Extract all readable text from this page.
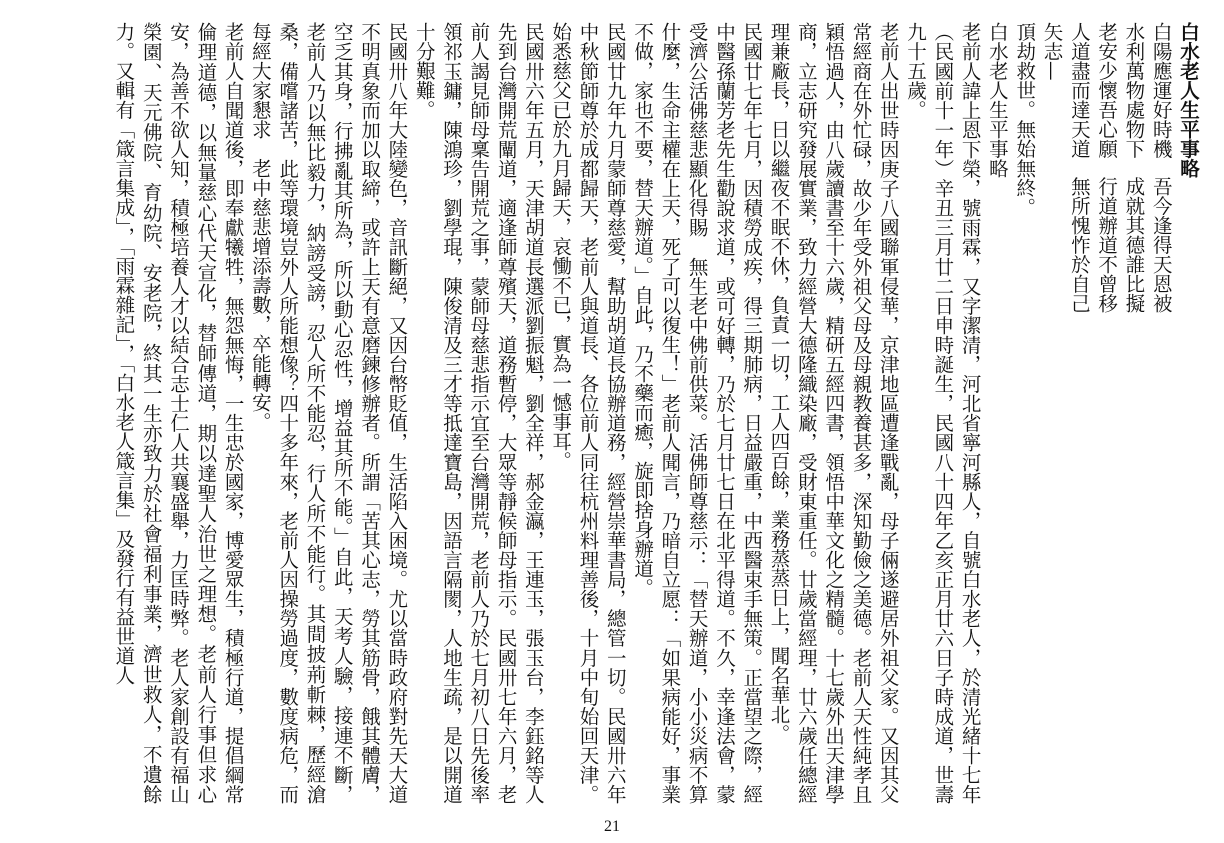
白水老人生平事略

白陽應運好時機吾今逢得天恩被

水利萬物處物下成就其德誰比擬

老安少懷吾心願行道辦道不曾移

人道盡而達天道無所愧怍於自己

矢志—

頂劫救世。無始無終。

白水老人生平事略

老前人諱上恩下榮，號雨霖，又字潔清，河北省寧河縣人，自號白水老人，於清光緒十七年（民國前十一年）辛丑三月廿二日申時誕生，民國八十四年乙亥正月廿六日子時成道，世壽九十五歲。

老前人出世時因庚子八國聯軍侵華，京津地區遭逢戰亂，母子倆遂避居外祖父家。又因其父常經商在外忙碌，故少年受外祖父母及母親教養甚多，深知勤儉之美德。老前人天性純孝且穎悟過人，由八歲讀書至十六歲，精研五經四書，領悟中華文化之精髓。十七歲外出天津學商，立志研究發展實業，致力經營大德隆織染廠，受財東重任。廿歲當經理，廿六歲任總經理兼廠長，日以繼夜不眠不休，負責一切，工人四百餘，業務蒸蒸日上，聞名華北。

民國廿七年七月，因積勞成疾，得三期肺病，日益嚴重，中西醫束手無策。正當望之際，經中醫孫蘭芳老先生勸說求道，或可好轉，乃於七月廿七日在北平得道。不久，幸逢法會，蒙受濟公活佛慈悲顯化得賜　無生老中佛前供菜。活佛師尊慈示：「替天辦道，小小災病不算什麼，生命主權在上天，死了可以復生！」老前人聞言，乃暗自立愿：「如果病能好，事業不做，家也不要，替天辦道。」自此，乃不藥而癒，旋即捨身辦道。

民國廿九年九月蒙師尊慈愛，幫助胡道長協辦道務，經營崇華書局，總管一切。民國卅六年中秋節師尊於成都歸天，老前人與道長、各位前人同往杭州料理善後，十月中旬始回天津。始悉慈父已於九月歸天，哀慟不已，實為一憾事耳。

民國卅六年五月，天津胡道長選派劉振魁，劉全祥，郝金瀛，王連玉，張玉台，李鈺銘等人先到台灣開荒闡道，適逢師尊殯天，道務暫停，大眾等靜候師母指示。民國卅七年六月，老前人謁見師母稟告開荒之事，蒙師母慈悲指示宜至台灣開荒，老前人乃於七月初八日先後率領祁玉鏞，陳鴻珍，劉學琨，陳俊清及三才等抵達寶島，因語言隔閡，人地生疏，是以開道十分艱難。

民國卅八年大陸變色，音訊斷絕，又因台幣貶值，生活陷入困境。尤以當時政府對先天大道不明真象而加以取締，或許上天有意磨鍊修辦者。所謂「苦其心志，勞其筋骨，餓其體膚，空乏其身，行拂亂其所為，所以動心忍性，增益其所不能。」自此，天考人驗，接連不斷，老前人乃以無比毅力，納謗受謗，忍人所不能忍，行人所不能行。其間披荊斬棘，歷經滄桑，備嚐諸苦，此等環境豈外人所能想像？四十多年來，老前人因操勞過度，數度病危，而每經大家懇求　老中慈悲增添壽數，卒能轉安。

老前人自聞道後，即奉獻犧牲，無怨無悔，一生忠於國家，博愛眾生，積極行道，提倡綱常倫理道德，以無量慈心代天宣化，替師傳道，期以達聖人治世之理想。老前人行事但求心安，為善不欲人知，積極培養人才以結合志士仁人共襄盛舉，力匡時弊。老人家創設有福山榮園、天元佛院、育幼院、安老院，終其一生亦致力於社會福利事業，濟世救人，不遺餘力。又輯有「箴言集成」，「雨霖雜記」，「白水老人箴言集」及發行有益世道人

21
